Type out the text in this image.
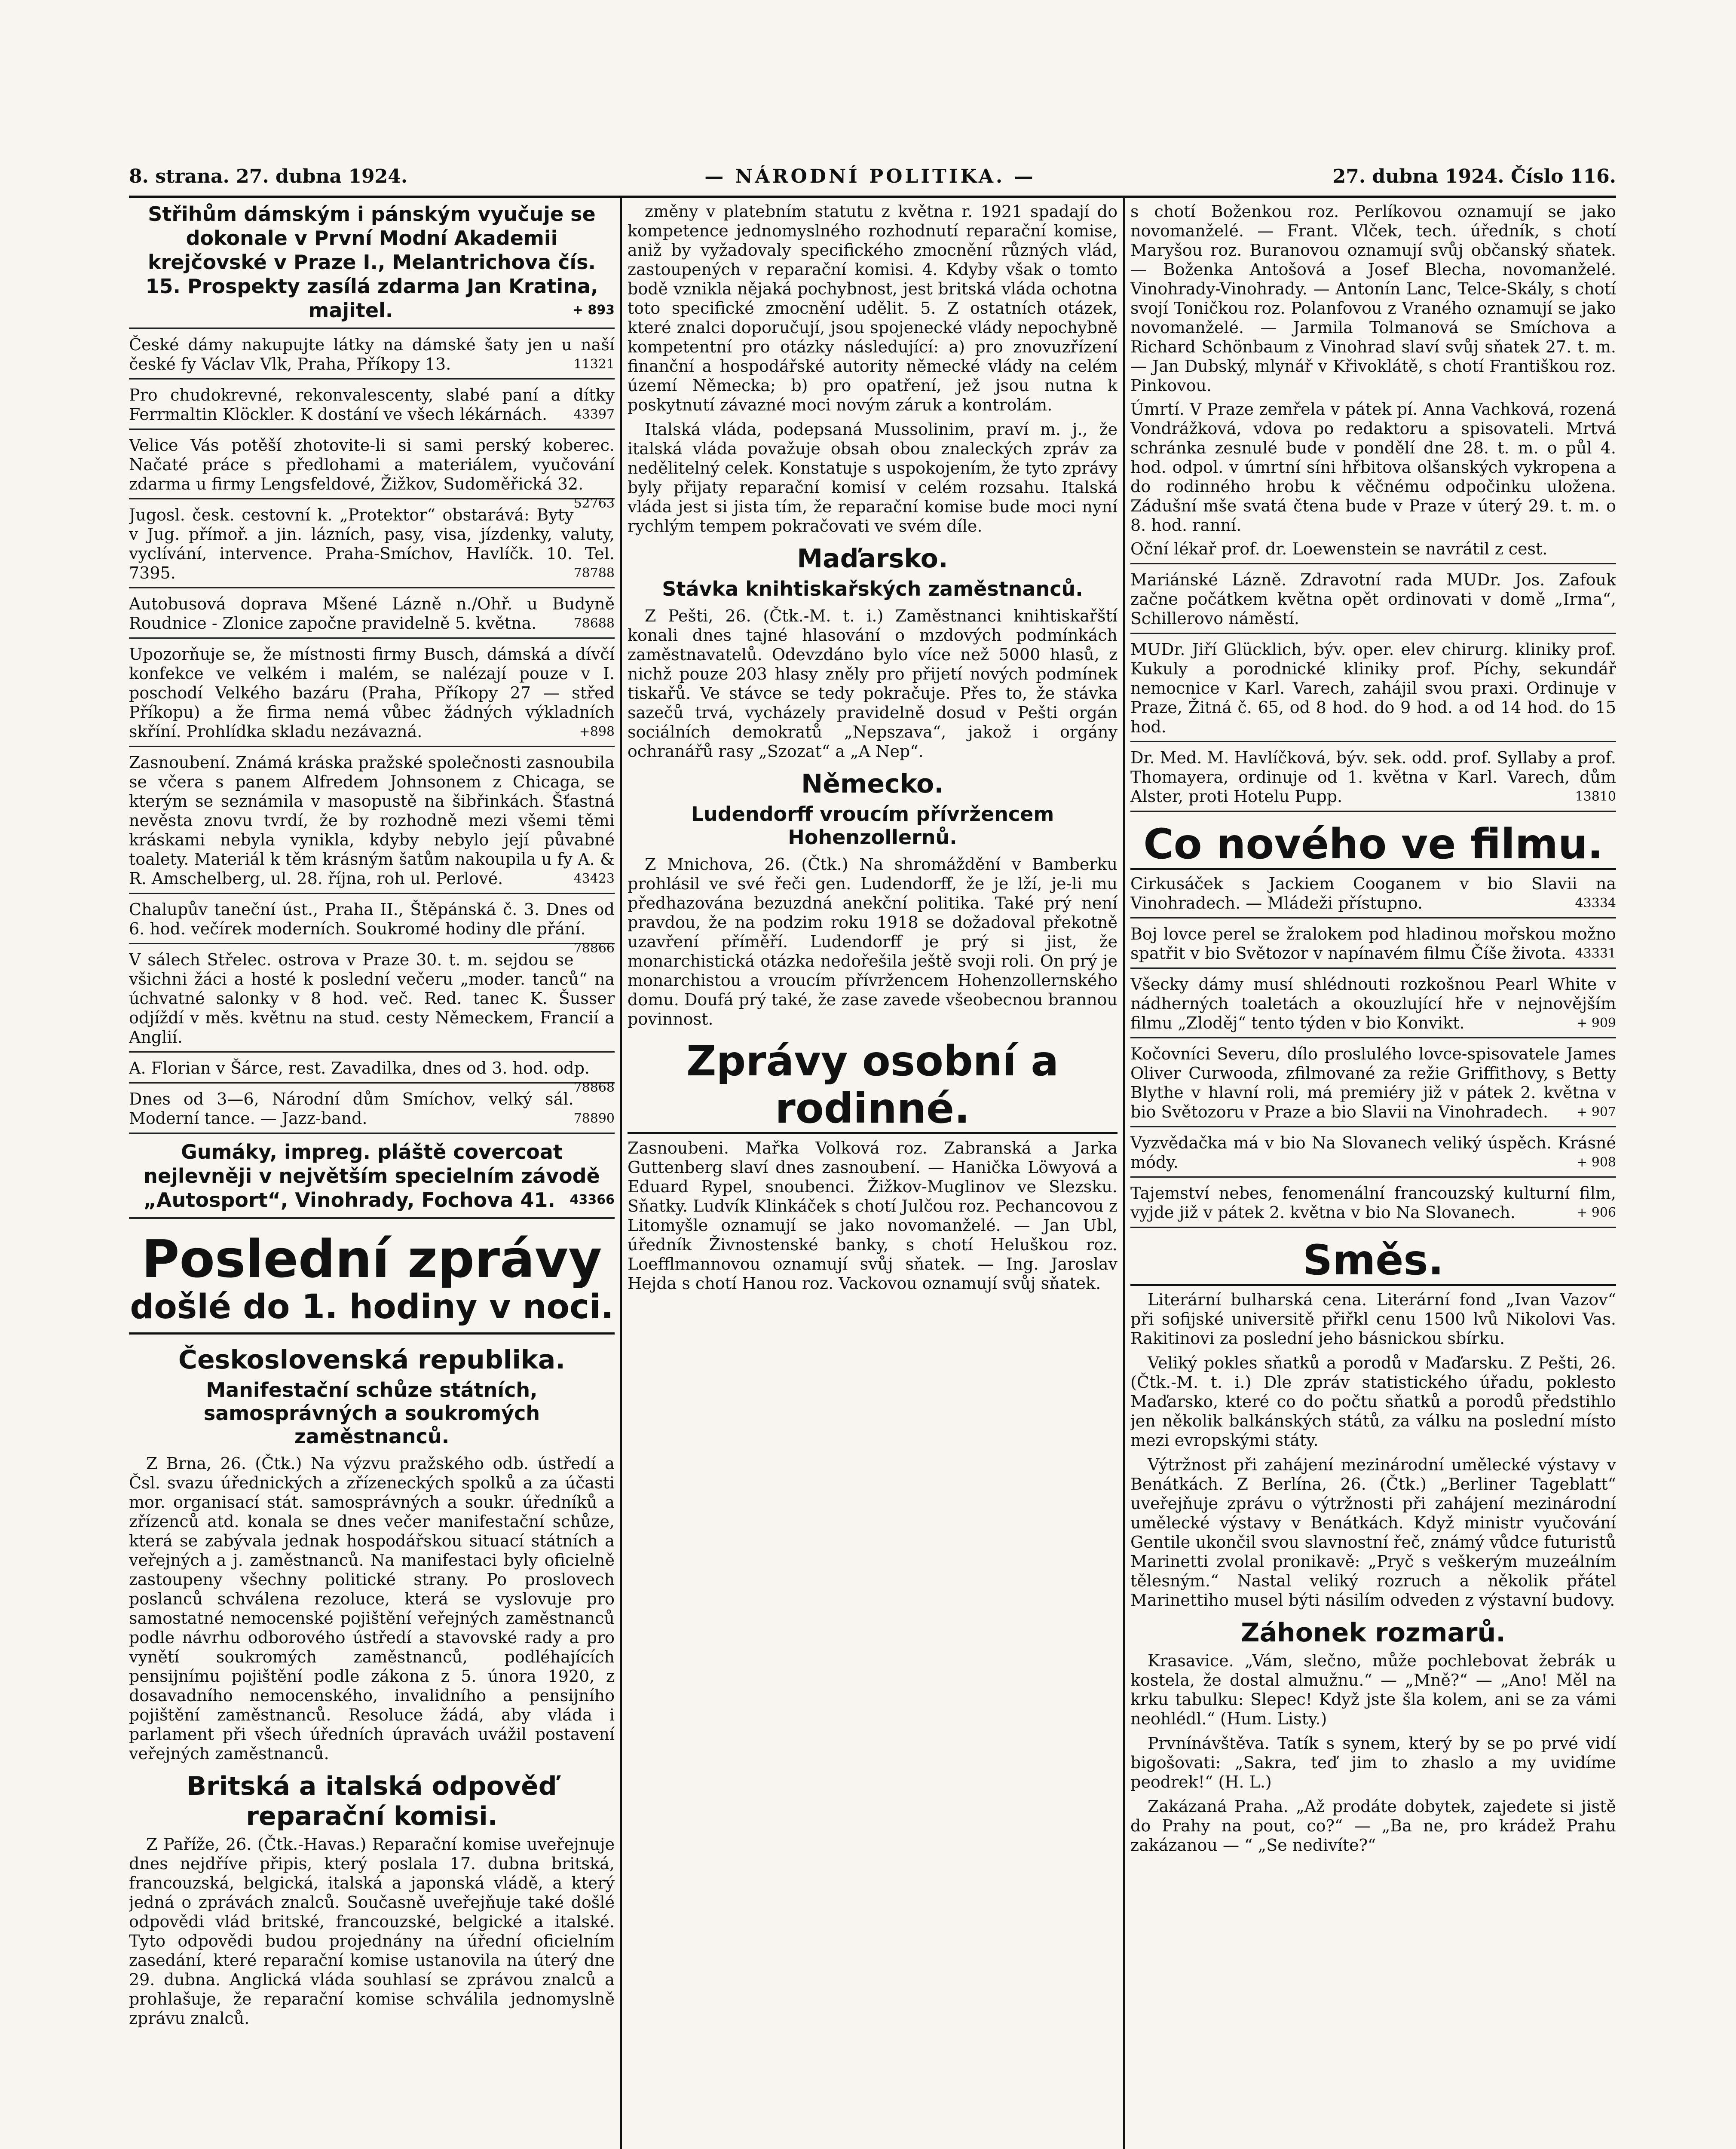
8. strana. 27. dubna 1924.	— NÁRODNÍ POLITIKA. —	27. dubna 1924. Číslo 116.
Střihům dámským i pánským vyučuje se dokonale v První Modní Akademii krejčovské v Praze I., Melantrichova čís. 15. Prospekty zasílá zdarma Jan Kratina, majitel.	+ 893
České dámy nakupujte látky na dámské šaty jen u naší české fy Václav Vlk, Praha, Příkopy 13.	11321
Pro chudokrevné, rekonvalescenty, slabé paní a dítky Ferrmaltin Klöckler. K dostání ve všech lékárnách. 43397
Velice Vás potěší zhotovite-li si sami perský koberec. Načaté práce s předlohami a materiálem, vyučování zdarma u firmy Lengsfeldové, Žižkov, Sudoměřická 32.
52763
Jugosl. česk. cestovní k. „Protektor“ obstarává: Byty v Jug. přímoř. a jin. lázních, pasy, visa, jízdenky, valuty, vyclívání, intervence. Praha-Smíchov, Havlíčk. 10. Tel. 7395.	78788
Autobusová doprava Mšené Lázně n./Ohř. u Budyně Roudnice - Zlonice započne pravidelně 5. května.	78688
Upozorňuje se, že místnosti firmy Busch, dámská a dívčí konfekce ve velkém i malém, se nalézají pouze v I. poschodí Velkého bazáru (Praha, Příkopy 27 — střed Příkopu) a že firma nemá vůbec žádných výkladních skříní. Prohlídka skladu nezávazná.	+898
Zasnoubení. Známá kráska pražské společnosti zasnoubila se včera s panem Alfredem Johnsonem z Chicaga, se kterým se seznámila v masopustě na šibřinkách. Šťastná nevěsta znovu tvrdí, že by rozhodně mezi všemi těmi kráskami nebyla vynikla, kdyby nebylo její půvabné toalety. Materiál k těm krásným šatům nakoupila u fy A. & R. Amschelberg, ul. 28. října, roh ul. Perlové.	43423
Chalupův taneční úst., Praha II., Štěpánská č. 3. Dnes od 6. hod. večírek moderních. Soukromé hodiny dle přání.
78866
V sálech Střelec. ostrova v Praze 30. t. m. sejdou se všichni žáci a hosté k poslední večeru „moder. tanců“ na úchvatné salonky v 8 hod. več. Red. tanec K. Šusser odjíždí v měs. květnu na stud. cesty Německem, Francií a Anglií.
A. Florian v Šárce, rest. Zavadilka, dnes od 3. hod. odp.
78868
Dnes od 3—6, Národní dům Smíchov, velký sál. Moderní tance. — Jazz-band.	78890
Gumáky, impreg. pláště covercoat nejlevněji v největším specielním závodě „Autosport“, Vinohrady, Fochova 41. 43366
Poslední zprávy
došlé do 1. hodiny v noci.
Československá republika.
Manifestační schůze státních, samosprávných a soukromých zaměstnanců.

Z Brna, 26. (Čtk.) Na výzvu pražského odb. ústředí a Čsl. svazu úřednických a zřízeneckých spolků a za účasti mor. organisací stát. samosprávných a soukr. úředníků a zřízenců atd. konala se dnes večer manifestační schůze, která se zabývala jednak hospodářskou situací státních a veřejných a j. zaměstnanců. Na manifestaci byly oficielně zastoupeny všechny politické strany. Po proslovech poslanců schválena rezoluce, která se vyslovuje pro samostatné nemocenské pojištění veřejných zaměstnanců podle návrhu odborového ústředí a stavovské rady a pro vynětí soukromých zaměstnanců, podléhajících pensijnímu pojištění podle zákona z 5. února 1920, z dosavadního nemocenského, invalidního a pensijního pojištění zaměstnanců. Resoluce žádá, aby vláda i parlament při všech úředních úpravách uvážil postavení veřejných zaměstnanců.

Britská a italská odpověď reparační komisi.

Z Paříže, 26. (Čtk.-Havas.) Reparační komise uveřejnuje dnes nejdříve připis, který poslala 17. dubna britská, francouzská, belgická, italská a japonská vládě, a který jedná o zprávách znalců. Současně uveřejňuje také došlé odpovědi vlád britské, francouzské, belgické a italské. Tyto odpovědi budou projednány na úřední oficielním zasedání, které reparační komise ustanovila na úterý dne 29. dubna. Anglická vláda souhlasí se zprávou znalců a prohlašuje, že reparační komise schválila jednomyslně zprávu znalců.

změny v platebním statutu z května r. 1921 spadají do kompetence jednomyslného rozhodnutí reparační komise, aniž by vyžadovaly specifického zmocnění různých vlád, zastoupených v reparační komisi. 4. Kdyby však o tomto bodě vznikla nějaká pochybnost, jest britská vláda ochotna toto specifické zmocnění udělit. 5. Z ostatních otázek, které znalci doporučují, jsou spojenecké vlády nepochybně kompetentní pro otázky následující: a) pro znovuzřízení finanční a hospodářské autority německé vlády na celém území Německa; b) pro opatření, jež jsou nutna k poskytnutí závazné moci novým záruk a kontrolám.

Italská vláda, podepsaná Mussolinim, praví m. j., že italská vláda považuje obsah obou znaleckých zpráv za nedělitelný celek. Konstatuje s uspokojením, že tyto zprávy byly přijaty reparační komisí v celém rozsahu. Italská vláda jest si jista tím, že reparační komise bude moci nyní rychlým tempem pokračovati ve svém díle.

Maďarsko.
Stávka knihtiskařských zaměstnanců.

Z Pešti, 26. (Čtk.-M. t. i.) Zaměstnanci knihtiskařští konali dnes tajné hlasování o mzdových podmínkách zaměstnavatelů. Odevzdáno bylo více než 5000 hlasů, z nichž pouze 203 hlasy zněly pro přijetí nových podmínek tiskařů. Ve stávce se tedy pokračuje. Přes to, že stávka sazečů trvá, vycházely pravidelně dosud v Pešti orgán sociálních demokratů „Nepszava“, jakož i orgány ochranářů rasy „Szozat“ a „A Nep“.

Německo.
Ludendorff vroucím přívržencem Hohenzollernů.

Z Mnichova, 26. (Čtk.) Na shromáždění v Bamberku prohlásil ve své řeči gen. Ludendorff, že je lží, je-li mu předhazována bezuzdná anekční politika. Také prý není pravdou, že na podzim roku 1918 se dožadoval překotně uzavření příměří. Ludendorff je prý si jist, že monarchistická otázka nedořešila ještě svoji roli. On prý je monarchistou a vroucím přívržencem Hohenzollernského domu. Doufá prý také, že zase zavede všeobecnou brannou povinnost.

Zprávy osobní a rodinné.

Zasnoubeni. Mařka Volková roz. Zabranská a Jarka Guttenberg slaví dnes zasnoubení. — Hanička Löwyová a Eduard Rypel, snoubenci. Žižkov-Muglinov ve Slezsku. Sňatky. Ludvík Klinkáček s chotí Julčou roz. Pechancovou z Litomyšle oznamují se jako novomanželé. — Jan Ubl, úředník Živnostenské banky, s chotí Heluškou roz. Loefflmannovou oznamují svůj sňatek. — Ing. Jaroslav Hejda s chotí Hanou roz. Vackovou oznamují svůj sňatek.

s chotí Boženkou roz. Perlíkovou oznamují se jako novomanželé. — Frant. Vlček, tech. úředník, s chotí Maryšou roz. Buranovou oznamují svůj občanský sňatek. — Boženka Antošová a Josef Blecha, novomanželé. Vinohrady-Vinohrady. — Antonín Lanc, Telce-Skály, s chotí svojí Toničkou roz. Polanfovou z Vraného oznamují se jako novomanželé. — Jarmila Tolmanová se Smíchova a Richard Schönbaum z Vinohrad slaví svůj sňatek 27. t. m. — Jan Dubský, mlynář v Křivoklátě, s chotí Františkou roz. Pinkovou.

Úmrtí. V Praze zemřela v pátek pí. Anna Vachková, rozená Vondrážková, vdova po redaktoru a spisovateli. Mrtvá schránka zesnulé bude v pondělí dne 28. t. m. o půl 4. hod. odpol. v úmrtní síni hřbitova olšanských vykropena a do rodinného hrobu k věčnému odpočinku uložena. Zádušní mše svatá čtena bude v Praze v úterý 29. t. m. o 8. hod. ranní.

Oční lékař prof. dr. Loewenstein se navrátil z cest.
Mariánské Lázně. Zdravotní rada MUDr. Jos. Zafouk začne počátkem května opět ordinovati v domě „Irma“, Schillerovo náměstí.
MUDr. Jiří Glücklich, býv. oper. elev chirurg. kliniky prof. Kukuly a porodnické kliniky prof. Píchy, sekundář nemocnice v Karl. Varech, zahájil svou praxi. Ordinuje v Praze, Žitná č. 65, od 8 hod. do 9 hod. a od 14 hod. do 15 hod.
Dr. Med. M. Havlíčková, býv. sek. odd. prof. Syllaby a prof. Thomayera, ordinuje od 1. května v Karl. Varech, dům Alster, proti Hotelu Pupp.	13810
Co nového ve filmu.
Cirkusáček s Jackiem Cooganem v bio Slavii na Vinohradech. — Mládeži přístupno.	43334
Boj lovce perel se žralokem pod hladinou mořskou možno spatřit v bio Světozor v napínavém filmu Číše života. 43331
Všecky dámy musí shlédnouti rozkošnou Pearl White v nádherných toaletách a okouzlující hře v nejnovějším filmu „Zloděj“ tento týden v bio Konvikt.	+ 909
Kočovníci Severu, dílo proslulého lovce-spisovatele James Oliver Curwooda, zfilmované za režie Griffithovy, s Betty Blythe v hlavní roli, má premiéry již v pátek 2. května v bio Světozoru v Praze a bio Slavii na Vinohradech. + 907
Vyzvědačka má v bio Na Slovanech veliký úspěch. Krásné módy.	+ 908
Tajemství nebes, fenomenální francouzský kulturní film, vyjde již v pátek 2. května v bio Na Slovanech.	+ 906
Směs.

Literární bulharská cena. Literární fond „Ivan Vazov“ při sofijské universitě přiřkl cenu 1500 lvů Nikolovi Vas. Rakitinovi za poslední jeho básnickou sbírku.

Veliký pokles sňatků a porodů v Maďarsku. Z Pešti, 26. (Čtk.-M. t. i.) Dle zpráv statistického úřadu, poklesto Maďarsko, které co do počtu sňatků a porodů předstihlo jen několik balkánských států, za válku na poslední místo mezi evropskými státy.

Výtržnost při zahájení mezinárodní umělecké výstavy v Benátkách. Z Berlína, 26. (Čtk.) „Berliner Tageblatt“ uveřejňuje zprávu o výtržnosti při zahájení mezinárodní umělecké výstavy v Benátkách. Když ministr vyučování Gentile ukončil svou slavnostní řeč, známý vůdce futuristů Marinetti zvolal pronikavě: „Pryč s veškerým muzeálním tělesným.“ Nastal veliký rozruch a několik přátel Marinettiho musel býti násilím odveden z výstavní budovy.

Záhonek rozmarů.

Krasavice. „Vám, slečno, může pochlebovat žebrák u kostela, že dostal almužnu.“ — „Mně?“ — „Ano! Měl na krku tabulku: Slepec! Když jste šla kolem, ani se za vámi neohlédl.“ (Hum. Listy.)

Prvnínávštěva. Tatík s synem, který by se po prvé vidí bigošovati: „Sakra, teď jim to zhaslo a my uvidíme peodrek!“ (H. L.)

Zakázaná Praha. „Až prodáte dobytek, zajedete si jistě do Prahy na pout, co?“ — „Ba ne, pro krádež Prahu zakázanou — “ „Se nedivíte?“
